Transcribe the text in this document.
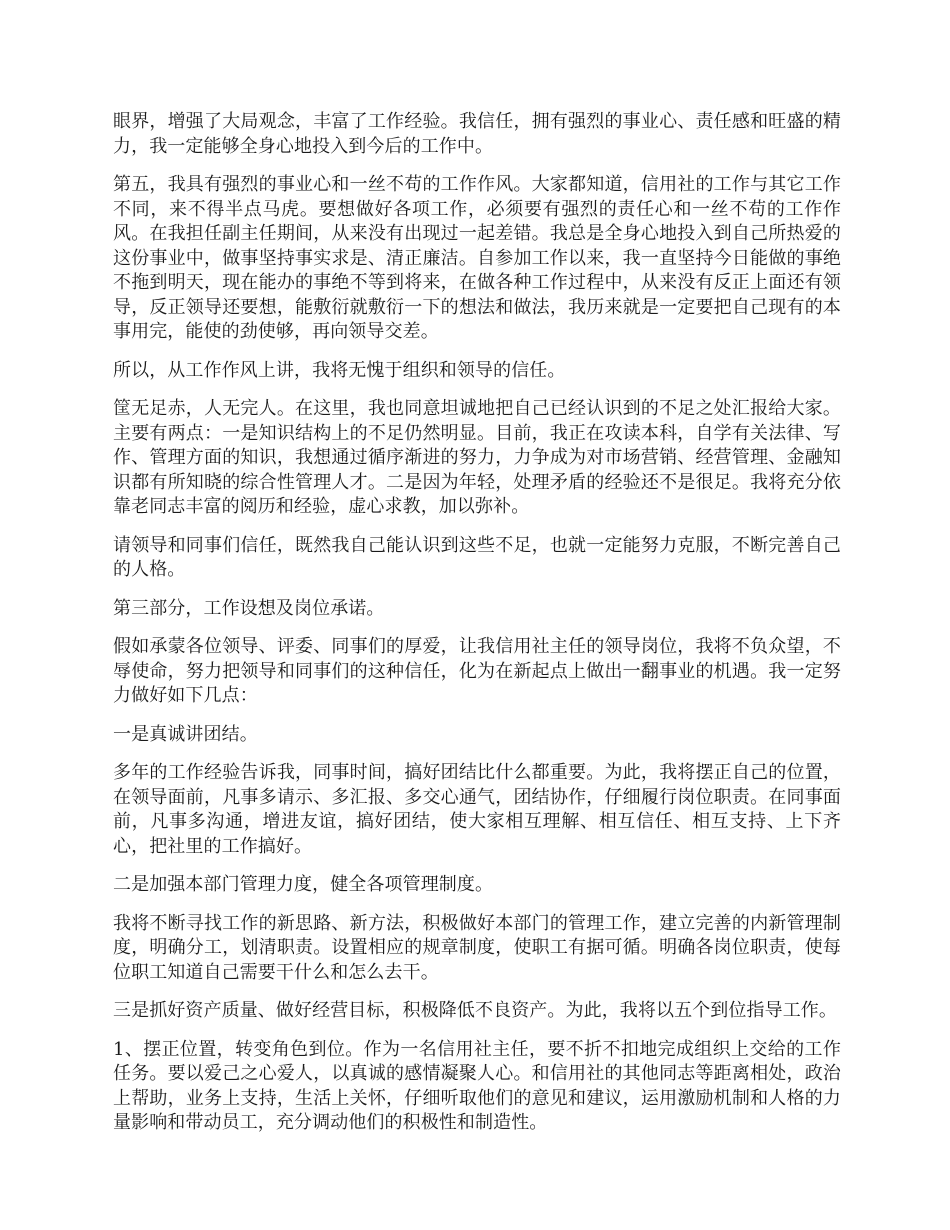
眼界，增强了大局观念，丰富了工作经验。我信任，拥有强烈的事业心、责任感和旺盛的精力，我一定能够全身心地投入到今后的工作中。

第五，我具有强烈的事业心和一丝不苟的工作作风。大家都知道，信用社的工作与其它工作不同，来不得半点马虎。要想做好各项工作，必须要有强烈的责任心和一丝不苟的工作作风。在我担任副主任期间，从来没有出现过一起差错。我总是全身心地投入到自己所热爱的这份事业中，做事坚持事实求是、清正廉洁。自参加工作以来，我一直坚持今日能做的事绝不拖到明天，现在能办的事绝不等到将来，在做各种工作过程中，从来没有反正上面还有领导，反正领导还要想，能敷衍就敷衍一下的想法和做法，我历来就是一定要把自己现有的本事用完，能使的劲使够，再向领导交差。

所以，从工作作风上讲，我将无愧于组织和领导的信任。

筐无足赤，人无完人。在这里，我也同意坦诚地把自己已经认识到的不足之处汇报给大家。主要有两点：一是知识结构上的不足仍然明显。目前，我正在攻读本科，自学有关法律、写作、管理方面的知识，我想通过循序渐进的努力，力争成为对市场营销、经营管理、金融知识都有所知晓的综合性管理人才。二是因为年轻，处理矛盾的经验还不是很足。我将充分依靠老同志丰富的阅历和经验，虚心求教，加以弥补。

请领导和同事们信任，既然我自己能认识到这些不足，也就一定能努力克服，不断完善自己的人格。

第三部分，工作设想及岗位承诺。

假如承蒙各位领导、评委、同事们的厚爱，让我信用社主任的领导岗位，我将不负众望，不辱使命，努力把领导和同事们的这种信任，化为在新起点上做出一翻事业的机遇。我一定努力做好如下几点：

一是真诚讲团结。

多年的工作经验告诉我，同事时间，搞好团结比什么都重要。为此，我将摆正自己的位置，在领导面前，凡事多请示、多汇报、多交心通气，团结协作，仔细履行岗位职责。在同事面前，凡事多沟通，增进友谊，搞好团结，使大家相互理解、相互信任、相互支持、上下齐心，把社里的工作搞好。

二是加强本部门管理力度，健全各项管理制度。

我将不断寻找工作的新思路、新方法，积极做好本部门的管理工作，建立完善的内新管理制度，明确分工，划清职责。设置相应的规章制度，使职工有据可循。明确各岗位职责，使每位职工知道自己需要干什么和怎么去干。

三是抓好资产质量、做好经营目标，积极降低不良资产。为此，我将以五个到位指导工作。

1、摆正位置，转变角色到位。作为一名信用社主任，要不折不扣地完成组织上交给的工作任务。要以爱己之心爱人，以真诚的感情凝聚人心。和信用社的其他同志等距离相处，政治上帮助，业务上支持，生活上关怀，仔细听取他们的意见和建议，运用激励机制和人格的力量影响和带动员工，充分调动他们的积极性和制造性。
